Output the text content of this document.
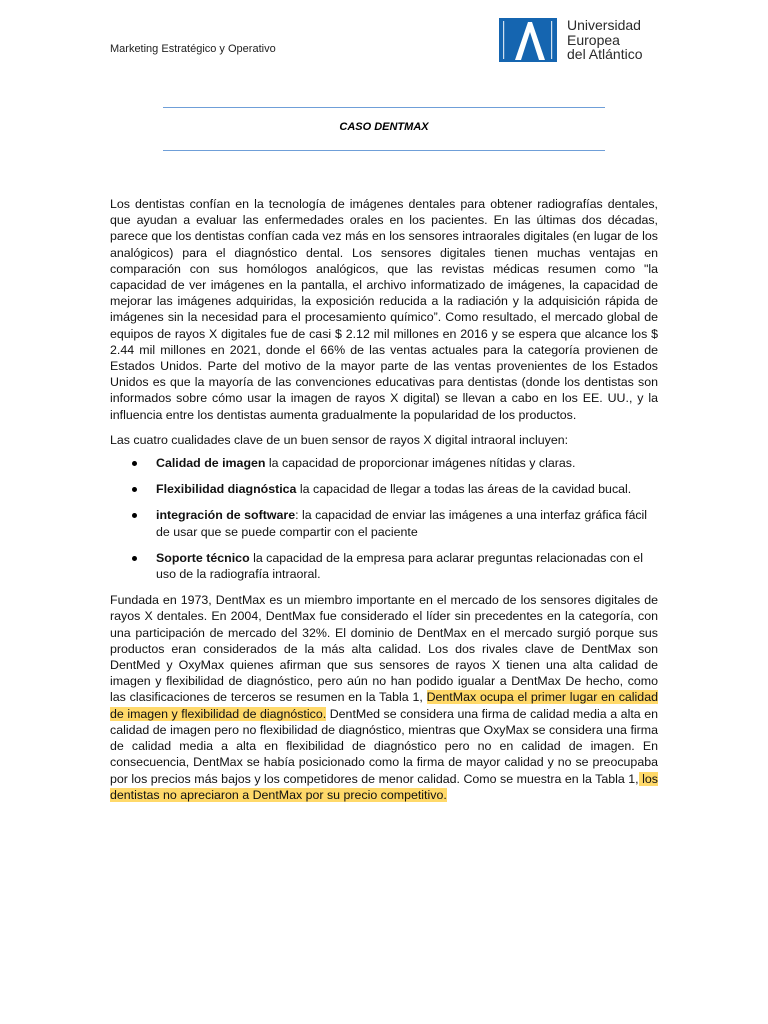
Marketing Estratégico y Operativo
Universidad
Europea
del Atlántico
CASO DENTMAX

Los dentistas confían en la tecnología de imágenes dentales para obtener radiografías dentales, que ayudan a evaluar las enfermedades orales en los pacientes. En las últimas dos décadas, parece que los dentistas confían cada vez más en los sensores intraorales digitales (en lugar de los analógicos) para el diagnóstico dental. Los sensores digitales tienen muchas ventajas en comparación con sus homólogos analógicos, que las revistas médicas resumen como "la capacidad de ver imágenes en la pantalla, el archivo informatizado de imágenes, la capacidad de mejorar las imágenes adquiridas, la exposición reducida a la radiación y la adquisición rápida de imágenes sin la necesidad para el procesamiento químico”. Como resultado, el mercado global de equipos de rayos X digitales fue de casi $ 2.12 mil millones en 2016 y se espera que alcance los $ 2.44 mil millones en 2021, donde el 66% de las ventas actuales para la categoría provienen de Estados Unidos. Parte del motivo de la mayor parte de las ventas provenientes de los Estados Unidos es que la mayoría de las convenciones educativas para dentistas (donde los dentistas son informados sobre cómo usar la imagen de rayos X digital) se llevan a cabo en los EE. UU., y la influencia entre los dentistas aumenta gradualmente la popularidad de los productos.

Las cuatro cualidades clave de un buen sensor de rayos X digital intraoral incluyen:

Calidad de imagen la capacidad de proporcionar imágenes nítidas y claras.
Flexibilidad diagnóstica la capacidad de llegar a todas las áreas de la cavidad bucal.
integración de software: la capacidad de enviar las imágenes a una interfaz gráfica fácil de usar que se puede compartir con el paciente
Soporte técnico la capacidad de la empresa para aclarar preguntas relacionadas con el uso de la radiografía intraoral.

Fundada en 1973, DentMax es un miembro importante en el mercado de los sensores digitales de rayos X dentales. En 2004, DentMax fue considerado el líder sin precedentes en la categoría, con una participación de mercado del 32%. El dominio de DentMax en el mercado surgió porque sus productos eran considerados de la más alta calidad. Los dos rivales clave de DentMax son DentMed y OxyMax quienes afirman que sus sensores de rayos X tienen una alta calidad de imagen y flexibilidad de diagnóstico, pero aún no han podido igualar a DentMax De hecho, como las clasificaciones de terceros se resumen en la Tabla 1, DentMax ocupa el primer lugar en calidad de imagen y flexibilidad de diagnóstico. DentMed se considera una firma de calidad media a alta en calidad de imagen pero no flexibilidad de diagnóstico, mientras que OxyMax se considera una firma de calidad media a alta en flexibilidad de diagnóstico pero no en calidad de imagen. En consecuencia, DentMax se había posicionado como la firma de mayor calidad y no se preocupaba por los precios más bajos y los competidores de menor calidad. Como se muestra en la Tabla 1, los dentistas no apreciaron a DentMax por su precio competitivo.
